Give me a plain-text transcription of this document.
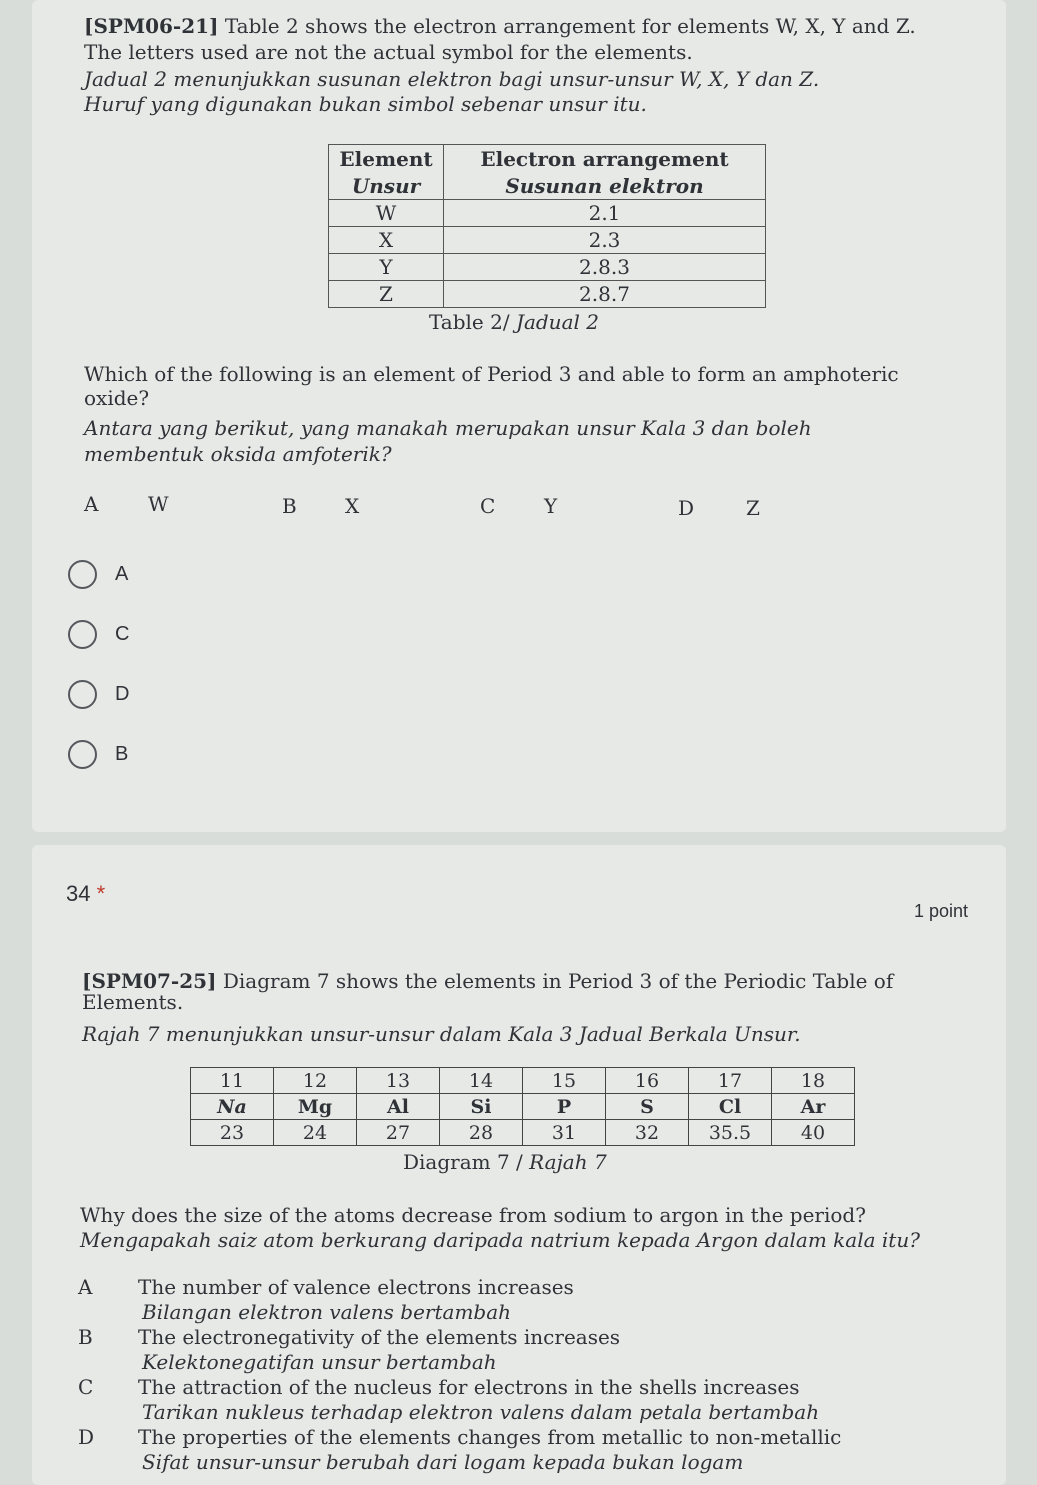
[SPM06-21] Table 2 shows the electron arrangement for elements W, X, Y and Z.

The letters used are not the actual symbol for the elements.

Jadual 2 menunjukkan susunan elektron bagi unsur-unsur W, X, Y dan Z.

Huruf yang digunakan bukan simbol sebenar unsur itu.

Element	Electron arrangement
Unsur	Susunan elektron
W	2.1
X	2.3
Y	2.8.3
Z	2.8.7

Table 2/ Jadual 2

Which of the following is an element of Period 3 and able to form an amphoteric

oxide?

Antara yang berikut, yang manakah merupakan unsur Kala 3 dan boleh

membentuk oksida amfoterik?

A W	B X	C Y	D	Z
A
C
D
B
34 *
1 point

[SPM07-25] Diagram 7 shows the elements in Period 3 of the Periodic Table of

Elements.

Rajah 7 menunjukkan unsur-unsur dalam Kala 3 Jadual Berkala Unsur.

11	12	13	14	15	16	17	18
Na	Mg	Al	Si	P	S	Cl	Ar
23	24	27	28	31	32	35.5	40

Diagram 7 / Rajah 7

Why does the size of the atoms decrease from sodium to argon in the period?

Mengapakah saiz atom berkurang daripada natrium kepada Argon dalam kala itu?

A The number of valence electrons increases
Bilangan elektron valens bertambah
B The electronegativity of the elements increases
Kelektonegatifan unsur bertambah
C The attraction of the nucleus for electrons in the shells increases
Tarikan nukleus terhadap elektron valens dalam petala bertambah
D The properties of the elements changes from metallic to non-metallic
Sifat unsur-unsur berubah dari logam kepada bukan logam
